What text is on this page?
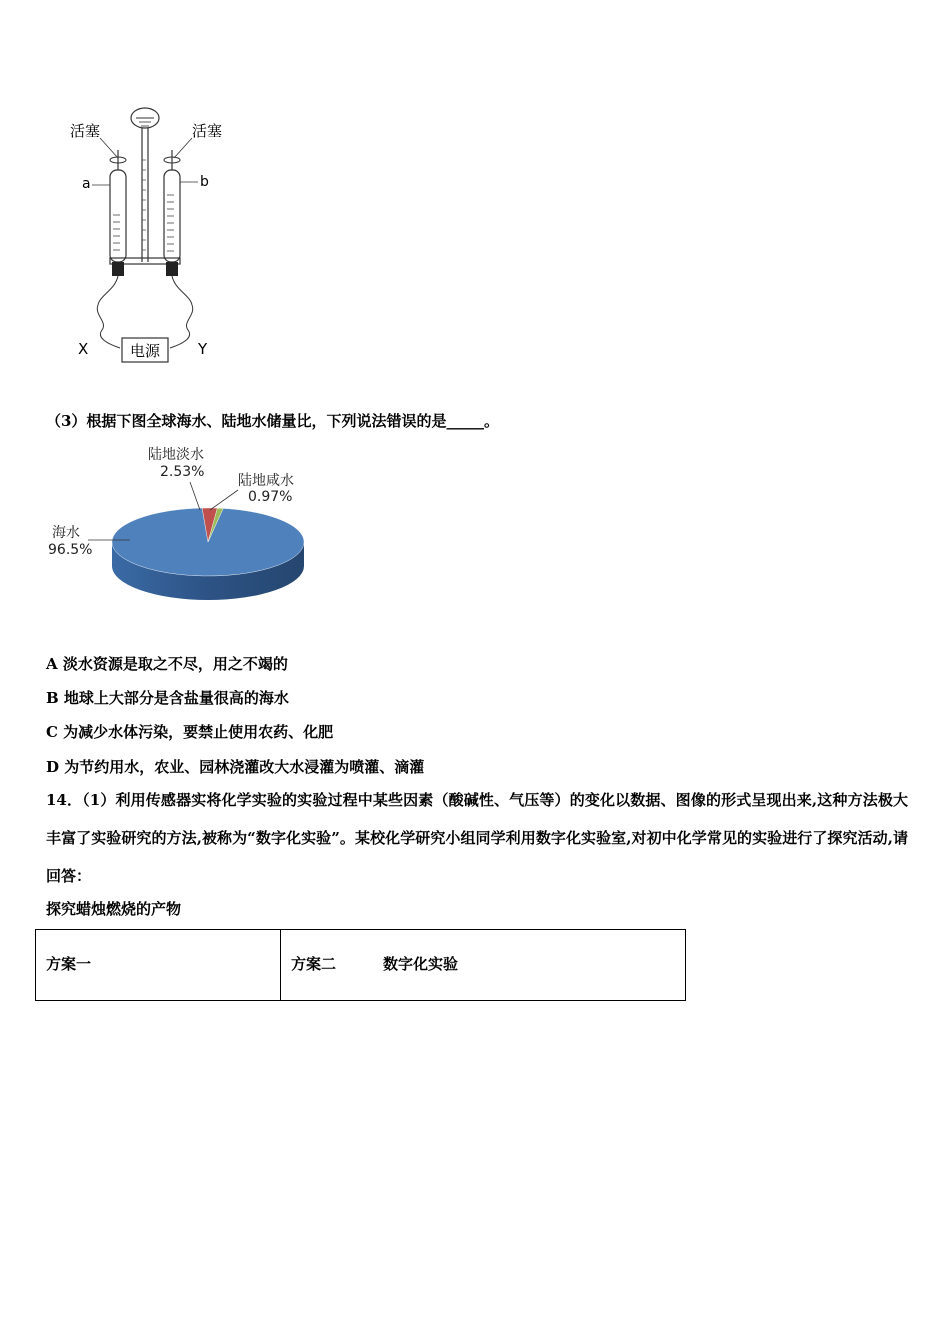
活塞	活塞
a	b
X	Y
电源
（3）根据下图全球海水、陆地水储量比，下列说法错误的是_____。
海水
96.5%
陆地淡水
2.53%
陆地咸水
0.97%
A 淡水资源是取之不尽，用之不竭的
B 地球上大部分是含盐量很高的海水
C 为减少水体污染，要禁止使用农药、化肥
D 为节约用水，农业、园林浇灌改大水浸灌为喷灌、滴灌
14．（1）利用传感器实将化学实验的实验过程中某些因素（酸碱性、气压等）的变化以数据、图像的形式呈现出来,这种方法极大丰富了实验研究的方法,被称为“数字化实验”。某校化学研究小组同学利用数字化实验室,对初中化学常见的实验进行了探究活动,请回答：
探究蜡烛燃烧的产物
方案一	方案二	数字化实验
